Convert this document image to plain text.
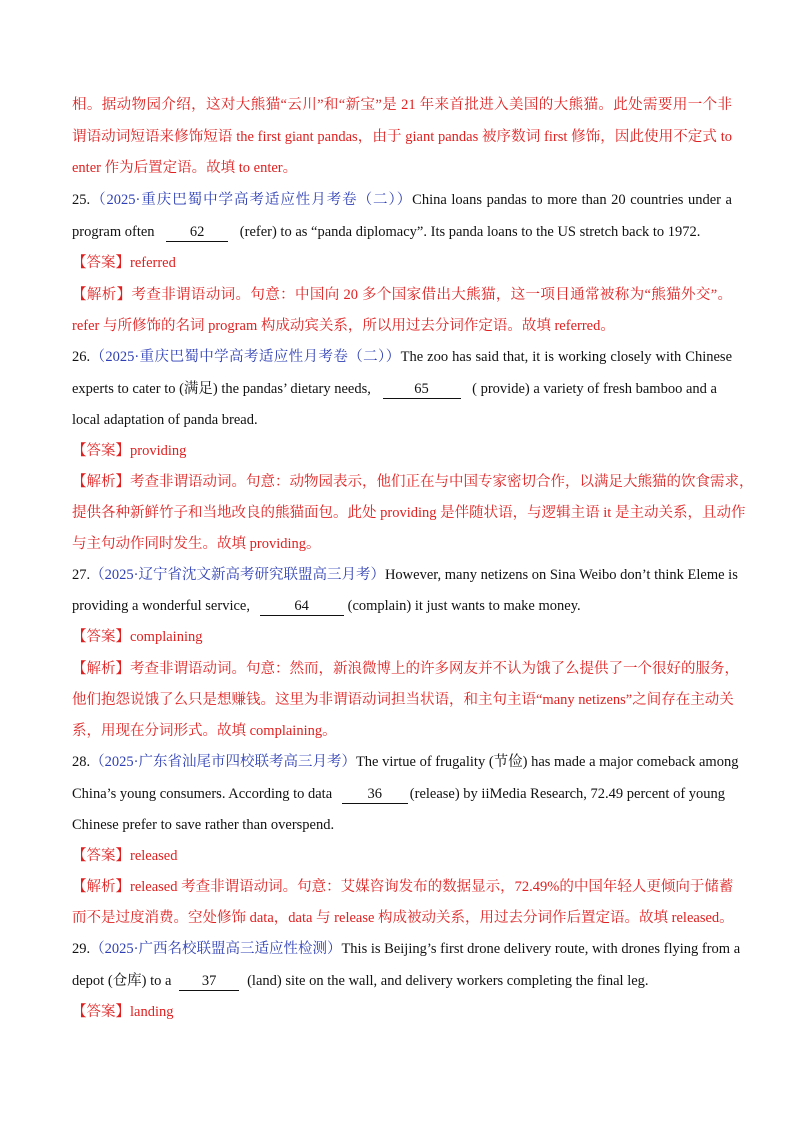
相。据动物园介绍，这对大熊猫“云川”和“新宝”是 21 年来首批进入美国的大熊猫。此处需要用一个非
谓语动词短语来修饰短语 the first giant pandas，由于 giant pandas 被序数词 first 修饰，因此使用不定式 to
enter 作为后置定语。故填 to enter。
25.（2025·重庆巴蜀中学高考适应性月考卷（二））China loans pandas to more than 20 countries under a
program often 62 (refer) to as “panda diplomacy”. Its panda loans to the US stretch back to 1972.
【答案】referred
【解析】考查非谓语动词。句意：中国向 20 多个国家借出大熊猫，这一项目通常被称为“熊猫外交”。
refer 与所修饰的名词 program 构成动宾关系，所以用过去分词作定语。故填 referred。
26.（2025·重庆巴蜀中学高考适应性月考卷（二））The zoo has said that, it is working closely with Chinese
experts to cater to (满足) the pandas’ dietary needs,	65	( provide) a variety of fresh bamboo and a
local adaptation of panda bread.
【答案】providing
【解析】考查非谓语动词。句意：动物园表示，他们正在与中国专家密切合作，以满足大熊猫的饮食需求，
提供各种新鲜竹子和当地改良的熊猫面包。此处 providing 是伴随状语，与逻辑主语 it 是主动关系，且动作
与主句动作同时发生。故填 providing。
27.（2025·辽宁省沈文新高考研究联盟高三月考）However, many netizens on Sina Weibo don’t think Eleme is
providing a wonderful service,	64	(complain) it just wants to make money.
【答案】complaining
【解析】考查非谓语动词。句意：然而，新浪微博上的许多网友并不认为饿了么提供了一个很好的服务，
他们抱怨说饿了么只是想赚钱。这里为非谓语动词担当状语，和主句主语“many netizens”之间存在主动关
系，用现在分词形式。故填 complaining。
28.（2025·广东省汕尾市四校联考高三月考）The virtue of frugality (节俭) has made a major comeback among
China’s young consumers. According to data 36 (release) by iiMedia Research, 72.49 percent of young
Chinese prefer to save rather than overspend.
【答案】released
【解析】released 考查非谓语动词。句意：艾媒咨询发布的数据显示，72.49%的中国年轻人更倾向于储蓄
而不是过度消费。空处修饰 data，data 与 release 构成被动关系，用过去分词作后置定语。故填 released。
29.（2025·广西名校联盟高三适应性检测）This is Beijing’s first drone delivery route, with drones flying from a
depot (仓库) to a 37 (land) site on the wall, and delivery workers completing the final leg.
【答案】landing
